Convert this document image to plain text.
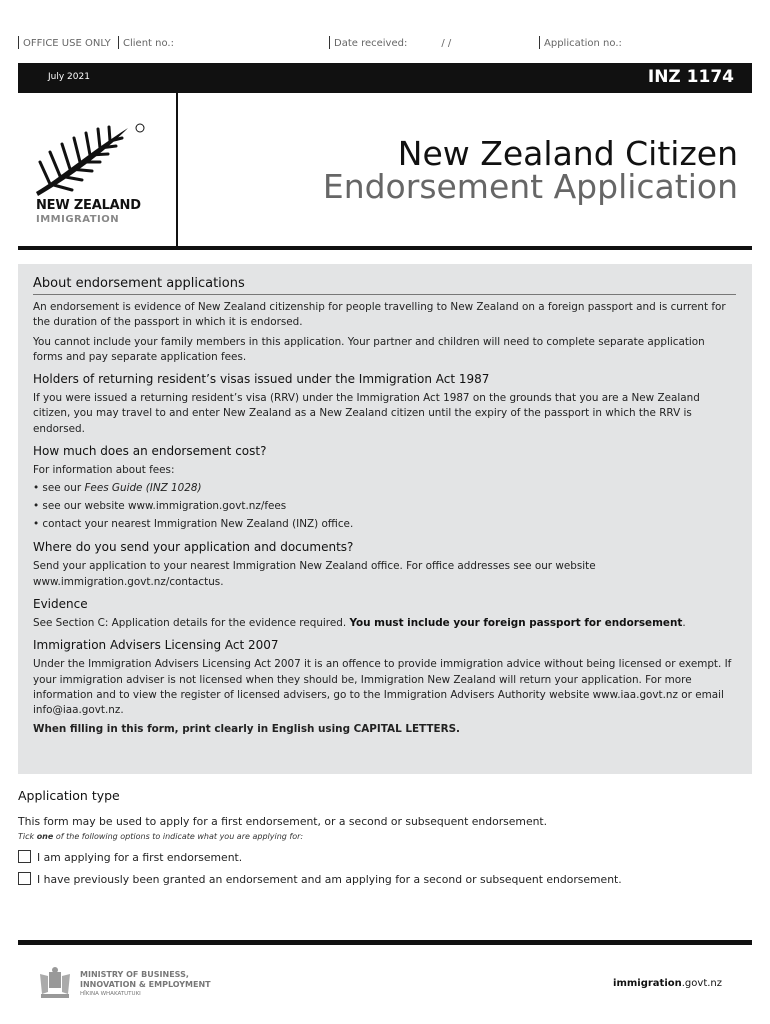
OFFICE USE ONLY	Client no.:	Date received:	/ /	Application no.:
July 2021	INZ 1174
NEW ZEALAND
IMMIGRATION
New Zealand Citizen
Endorsement Application
About endorsement applications

An endorsement is evidence of New Zealand citizenship for people travelling to New Zealand on a foreign passport and is current for the duration of the passport in which it is endorsed.

You cannot include your family members in this application. Your partner and children will need to complete separate application forms and pay separate application fees.

Holders of returning resident’s visas issued under the Immigration Act 1987

If you were issued a returning resident’s visa (RRV) under the Immigration Act 1987 on the grounds that you are a New Zealand citizen, you may travel to and enter New Zealand as a New Zealand citizen until the expiry of the passport in which the RRV is endorsed.

How much does an endorsement cost?

For information about fees:

• see our Fees Guide (INZ 1028)
• see our website www.immigration.govt.nz/fees
• contact your nearest Immigration New Zealand (INZ) office.
Where do you send your application and documents?

Send your application to your nearest Immigration New Zealand office. For office addresses see our website www.immigration.govt.nz/contactus.

Evidence

See Section C: Application details for the evidence required. You must include your foreign passport for endorsement.

Immigration Advisers Licensing Act 2007

Under the Immigration Advisers Licensing Act 2007 it is an offence to provide immigration advice without being licensed or exempt. If your immigration adviser is not licensed when they should be, Immigration New Zealand will return your application. For more information and to view the register of licensed advisers, go to the Immigration Advisers Authority website www.iaa.govt.nz or email info@iaa.govt.nz.

When filling in this form, print clearly in English using CAPITAL LETTERS.

Application type
This form may be used to apply for a first endorsement, or a second or subsequent endorsement.
Tick one of the following options to indicate what you are applying for:
I am applying for a first endorsement.
I have previously been granted an endorsement and am applying for a second or subsequent endorsement.
MINISTRY OF BUSINESS,
INNOVATION & EMPLOYMENT
HĪKINA WHAKATUTUKI
immigration.govt.nz
